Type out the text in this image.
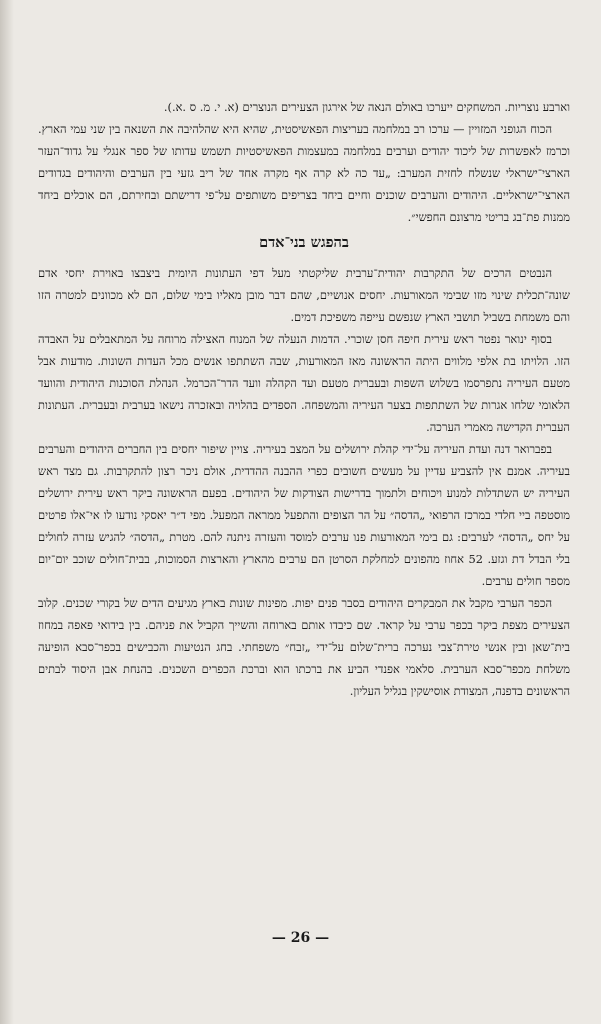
ואר‍בע נוצריות. המשחקים ייערכו באולם הנאה של אירגון הצעירים הנוצרים (א. י. מ. ס .א.).

הכוח הגופני המזויין — ערכו רב במלחמה בעריצות הפאשיסטית, שהיא היא שהלהיבה את השנאה בין שני עמי הארץ. וכרמז לאפשרות של ליכוד יהודים וערבים במלחמה במעצמות הפאשיסטיות תשמש עדותו של ספר אנגלי על גדוד־העזר הארצי־ישראלי שנשלח לחזית המערב: „עד כה לא קרה אף מקרה אחד של ריב גזעי בין הערבים והיהודים בגדודים הארצי־ישראליים. היהודים והערבים שוכנים וחיים ביחד בצריפים משותפים על־פי דרישתם ובחירתם, הם אוכלים ביחד ממנות פת־בג בריטי מרצונם החפשי״.

בהפגש בני־אדם

הנבטים הרכים של התקרבות יהודית־ערבית שליקטתי מעל דפי העתונות היומית ביצבצו באוירת יחסי אדם שונה־תכלית שינוי מזו שבימי המאורעות. יחסים אנושיים, שהם דבר מובן מאליו בימי שלום, הם לא מכוונים למטרה הזו והם משמחת בשביל תושבי הארץ שנפשם עייפה משפיכת דמים.

בסוף ינואר נפטר ראש עירית חיפה חסן שוכרי. הדמות הנעלה של המנוח האצילה מרוחה על המתאבלים על האבדה הזו. הלויתו בת אלפי מלווים היתה הראשונה מאז המאורעות, שבה השתתפו אנשים מכל העדות השונות. מודעות אבל מטעם העיריה נתפרסמו בשלוש השפות ובעברית מטעם ועד הקהלה וועד הדר־הכרמל. הנהלת הסוכנות היהודית והוועד הלאומי שלחו אגרות של השתתפות בצער העיריה והמשפחה. הספדים בהלויה ובאזכרה נישאו בערבית ובעברית. העתונות העברית הקדישה מאמרי הערכה.

בפברואר דנה ועדת העיריה על־ידי קהלת ירושלים על המצב בעיריה. צויין שיפור יחסים בין החברים היהודים והערבים בעיריה. אמנם אין להצביע עדיין על מעשים חשובים כפרי ההבנה ההדדית, אולם ניכר רצון להתקרבות. גם מצד ראש העיריה יש השתדלות למנוע ויכוחים ולתמוך בדרישות הצודקות של היהודים. בפעם הראשונה ביקר ראש עירית ירושלים מוסטפה ביי חלדי במרכז הרפואי „הדסה״ על הר הצופים והתפעל ממראה המפעל. מפי ד״ר יאסקי נודעו לו אי־אלו פרטים על יחס „הדסה״ לערבים: גם בימי המאורעות פנו ערבים למוסד והעזרה ניתנה להם. מטרת „הדסה״ להגיש עזרה לחולים בלי הבדל דת וגזע. 52 אחוז מהפונים למחלקת הסרטן הם ערבים מהארץ והארצות הסמוכות, בבית־חולים שוכב יום־יום מספר חולים ערבים.

הכפר הערבי מקבל את המבקרים היהודים בסבר פנים יפות. מפינות שונות בארץ מגיעים הדים של בקורי שכנים. קלוב הצעירים מצפת ביקר בכפר ערבי על קראד. שם כיבדו אותם בארוחה והשייך הקביל את פניהם. בין בידואי פאפה במחוז בית־שאן ובין אנשי טירת־צבי נערכה ברית־שלום על־ידי „זבח״ משפחתי. בחג הנטיעות והכבישים בכפר־סבא הופיעה משלחת מכפר־סבא הערבית. סלאמי אפנדי הביע את ברכתו הוא וברכת הכפרים השכנים. בהנחת אבן היסוד לבתים הראשונים בדפנה, המצודת אוסישקין בגליל העליון.

— 26 —
